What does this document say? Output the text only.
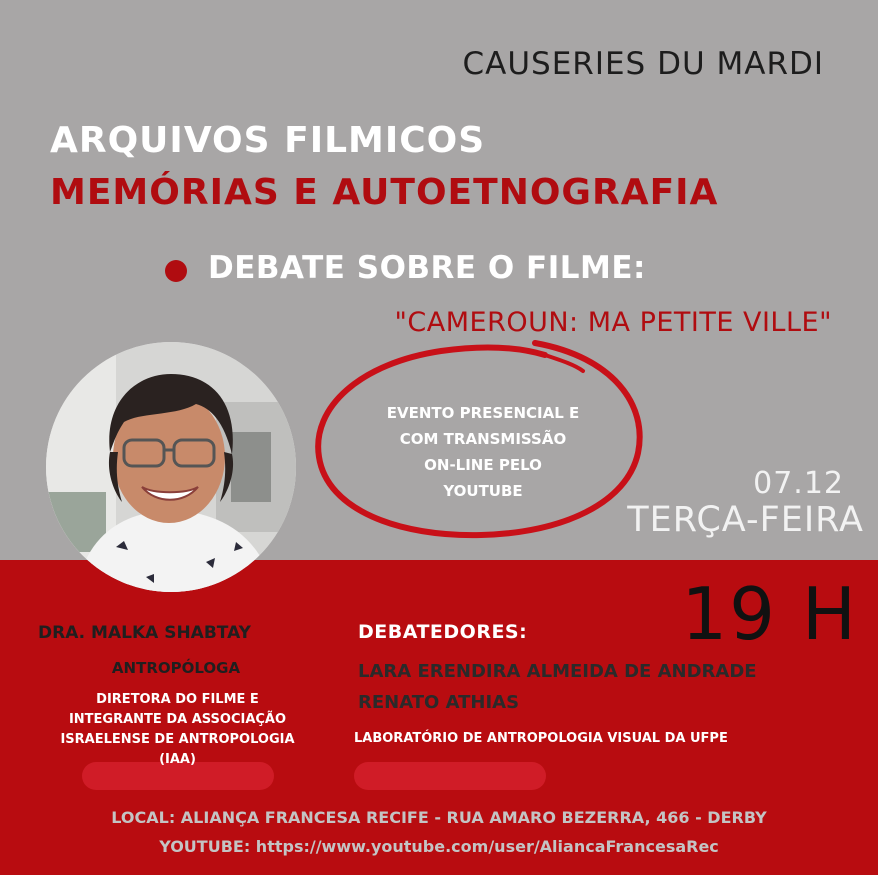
CAUSERIES DU MARDI

ARQUIVOS FILMICOS

MEMÓRIAS E AUTOETNOGRAFIA

DEBATE SOBRE O FILME:

"CAMEROUN: MA PETITE VILLE"

EVENTO PRESENCIAL E
COM TRANSMISSÃO
ON-LINE PELO
YOUTUBE	07.12

TERÇA-FEIRA

19 H

DRA. MALKA SHABTAY

ANTROPÓLOGA

DIRETORA DO FILME E
INTEGRANTE DA ASSOCIAÇÃO
ISRAELENSE DE ANTROPOLOGIA
(IAA)

DEBATEDORES:

LARA ERENDIRA ALMEIDA DE ANDRADE

RENATO ATHIAS

LABORATÓRIO DE ANTROPOLOGIA VISUAL DA UFPE

LOCAL: ALIANÇA FRANCESA RECIFE - RUA AMARO BEZERRA, 466 - DERBY

YOUTUBE: https://www.youtube.com/user/AliancaFrancesaRec
